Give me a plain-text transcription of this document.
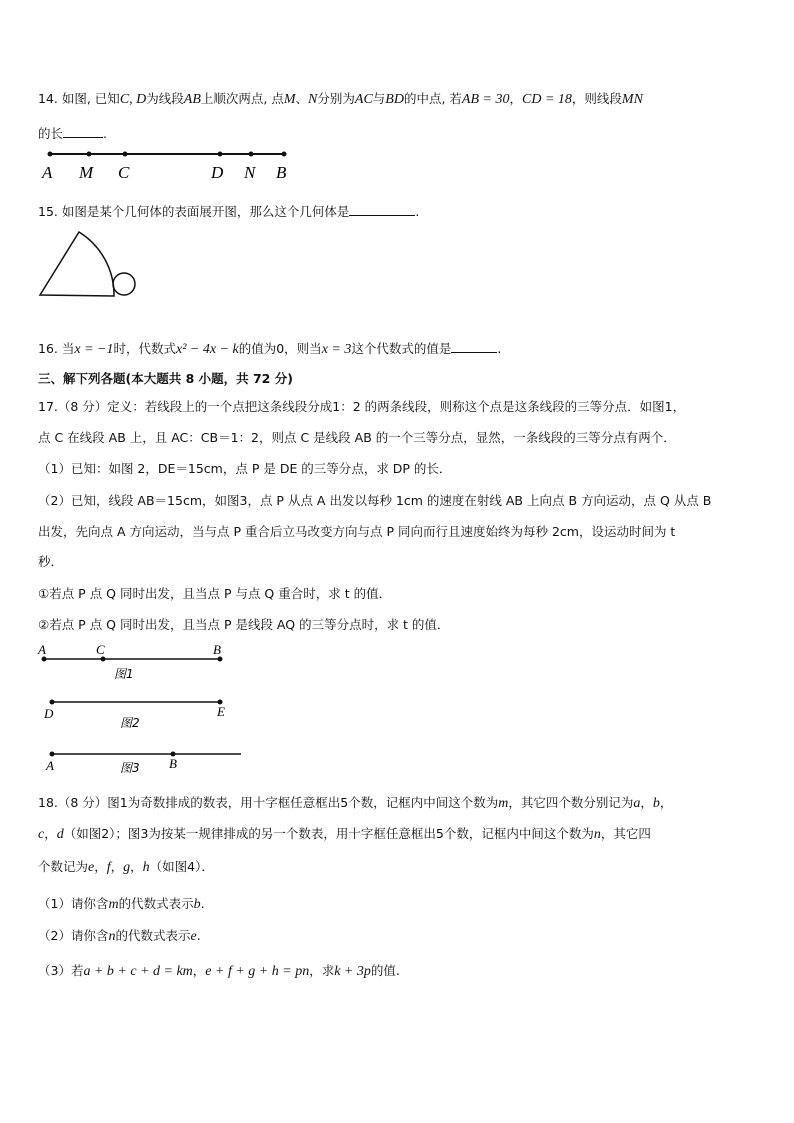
14. 如图, 已知C, D为线段AB上顺次两点, 点M、N分别为AC与BD的中点, 若AB = 30，CD = 18，则线段MN
的长	.
A M C	D N B
15. 如图是某个几何体的表面展开图，那么这个几何体是	.
16. 当x = −1时，代数式x² − 4x − k的值为0，则当x = 3这个代数式的值是	.
三、解下列各题(本大题共 8 小题，共 72 分)
17.（8 分）定义：若线段上的一个点把这条线段分成1：2 的两条线段，则称这个点是这条线段的三等分点．如图1，
点 C 在线段 AB 上，且 AC：CB＝1：2，则点 C 是线段 AB 的一个三等分点，显然，一条线段的三等分点有两个．
（1）已知：如图 2，DE＝15cm，点 P 是 DE 的三等分点，求 DP 的长．
（2）已知，线段 AB＝15cm，如图3，点 P 从点 A 出发以每秒 1cm 的速度在射线 AB 上向点 B 方向运动，点 Q 从点 B
出发，先向点 A 方向运动，当与点 P 重合后立马改变方向与点 P 同向而行且速度始终为每秒 2cm，设运动时间为 t
秒．
①若点 P 点 Q 同时出发，且当点 P 与点 Q 重合时，求 t 的值．
②若点 P 点 Q 同时出发，且当点 P 是线段 AQ 的三等分点时，求 t 的值．
A	C	B
图1
D	E
图2
A	B
图3
18.（8 分）图1为奇数排成的数表，用十字框任意框出5个数，记框内中间这个数为m，其它四个数分别记为a，b，
c，d（如图2）；图3为按某一规律排成的另一个数表，用十字框任意框出5个数，记框内中间这个数为n，其它四
个数记为e，f，g，h（如图4）．
（1）请你含m的代数式表示b.
（2）请你含n的代数式表示e.
（3）若a + b + c + d = km，e + f + g + h = pn，求k + 3p的值.
